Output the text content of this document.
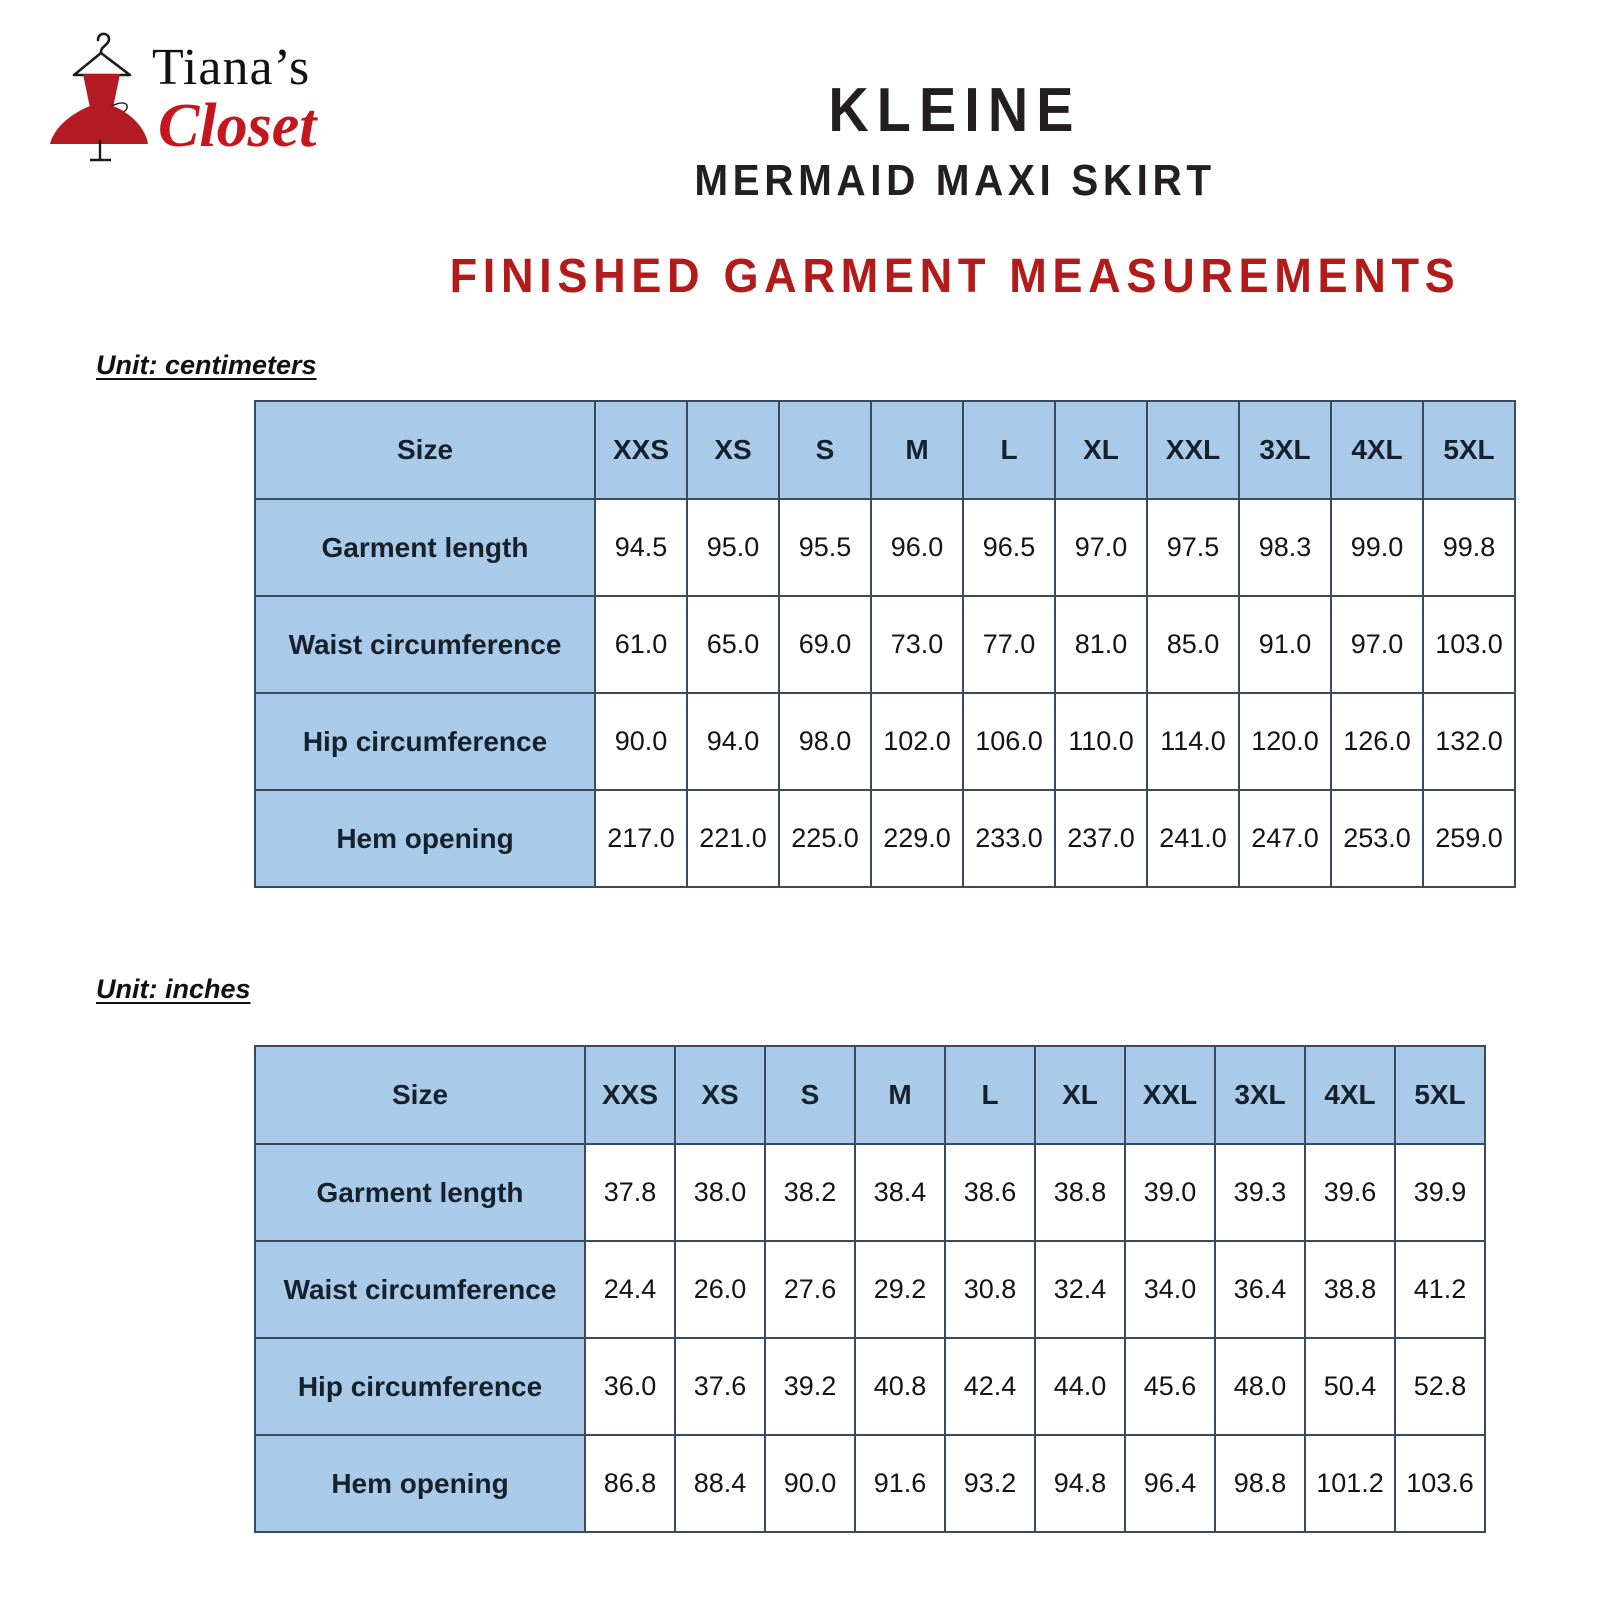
Tiana’s
Closet	KLEINE
MERMAID MAXI SKIRT
FINISHED GARMENT MEASUREMENTS
Unit: centimeters
Unit: inches
Size	XXS	XS	S	M	L	XL	XXL	3XL	4XL	5XL
Garment length	94.5	95.0	95.5	96.0	96.5	97.0	97.5	98.3	99.0	99.8
Waist circumference	61.0	65.0	69.0	73.0	77.0	81.0	85.0	91.0	97.0	103.0
Hip circumference	90.0	94.0	98.0	102.0	106.0	110.0	114.0	120.0	126.0	132.0
Hem opening	217.0	221.0	225.0	229.0	233.0	237.0	241.0	247.0	253.0	259.0
Size	XXS	XS	S	M	L	XL	XXL	3XL	4XL	5XL
Garment length	37.8	38.0	38.2	38.4	38.6	38.8	39.0	39.3	39.6	39.9
Waist circumference	24.4	26.0	27.6	29.2	30.8	32.4	34.0	36.4	38.8	41.2
Hip circumference	36.0	37.6	39.2	40.8	42.4	44.0	45.6	48.0	50.4	52.8
Hem opening	86.8	88.4	90.0	91.6	93.2	94.8	96.4	98.8	101.2	103.6
